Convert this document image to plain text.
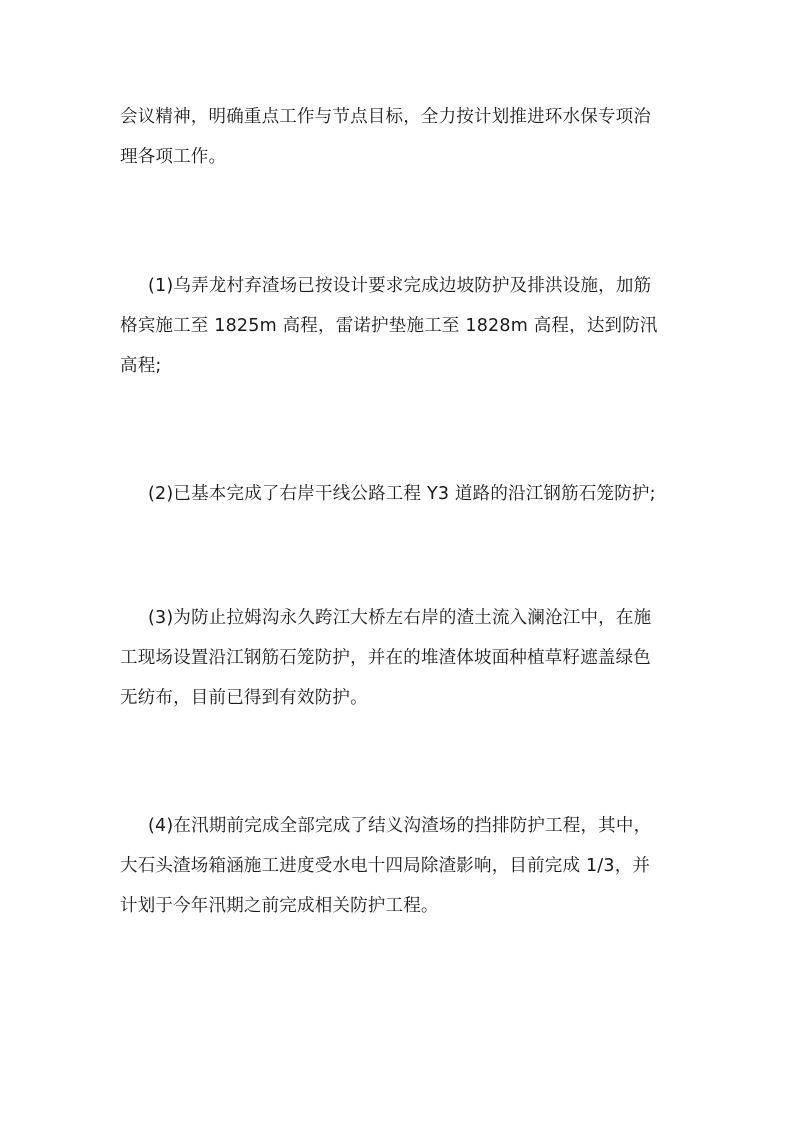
会议精神，明确重点工作与节点目标，全力按计划推进环水保专项治
理各项工作。

(1)乌弄龙村弃渣场已按设计要求完成边坡防护及排洪设施，加筋
格宾施工至 1825m 高程，雷诺护垫施工至 1828m 高程，达到防汛
高程;

(2)已基本完成了右岸干线公路工程 Y3 道路的沿江钢筋石笼防护;

(3)为防止拉姆沟永久跨江大桥左右岸的渣土流入澜沧江中，在施
工现场设置沿江钢筋石笼防护，并在的堆渣体坡面种植草籽遮盖绿色
无纺布，目前已得到有效防护。

(4)在汛期前完成全部完成了结义沟渣场的挡排防护工程，其中，
大石头渣场箱涵施工进度受水电十四局除渣影响，目前完成 1/3，并
计划于今年汛期之前完成相关防护工程。
